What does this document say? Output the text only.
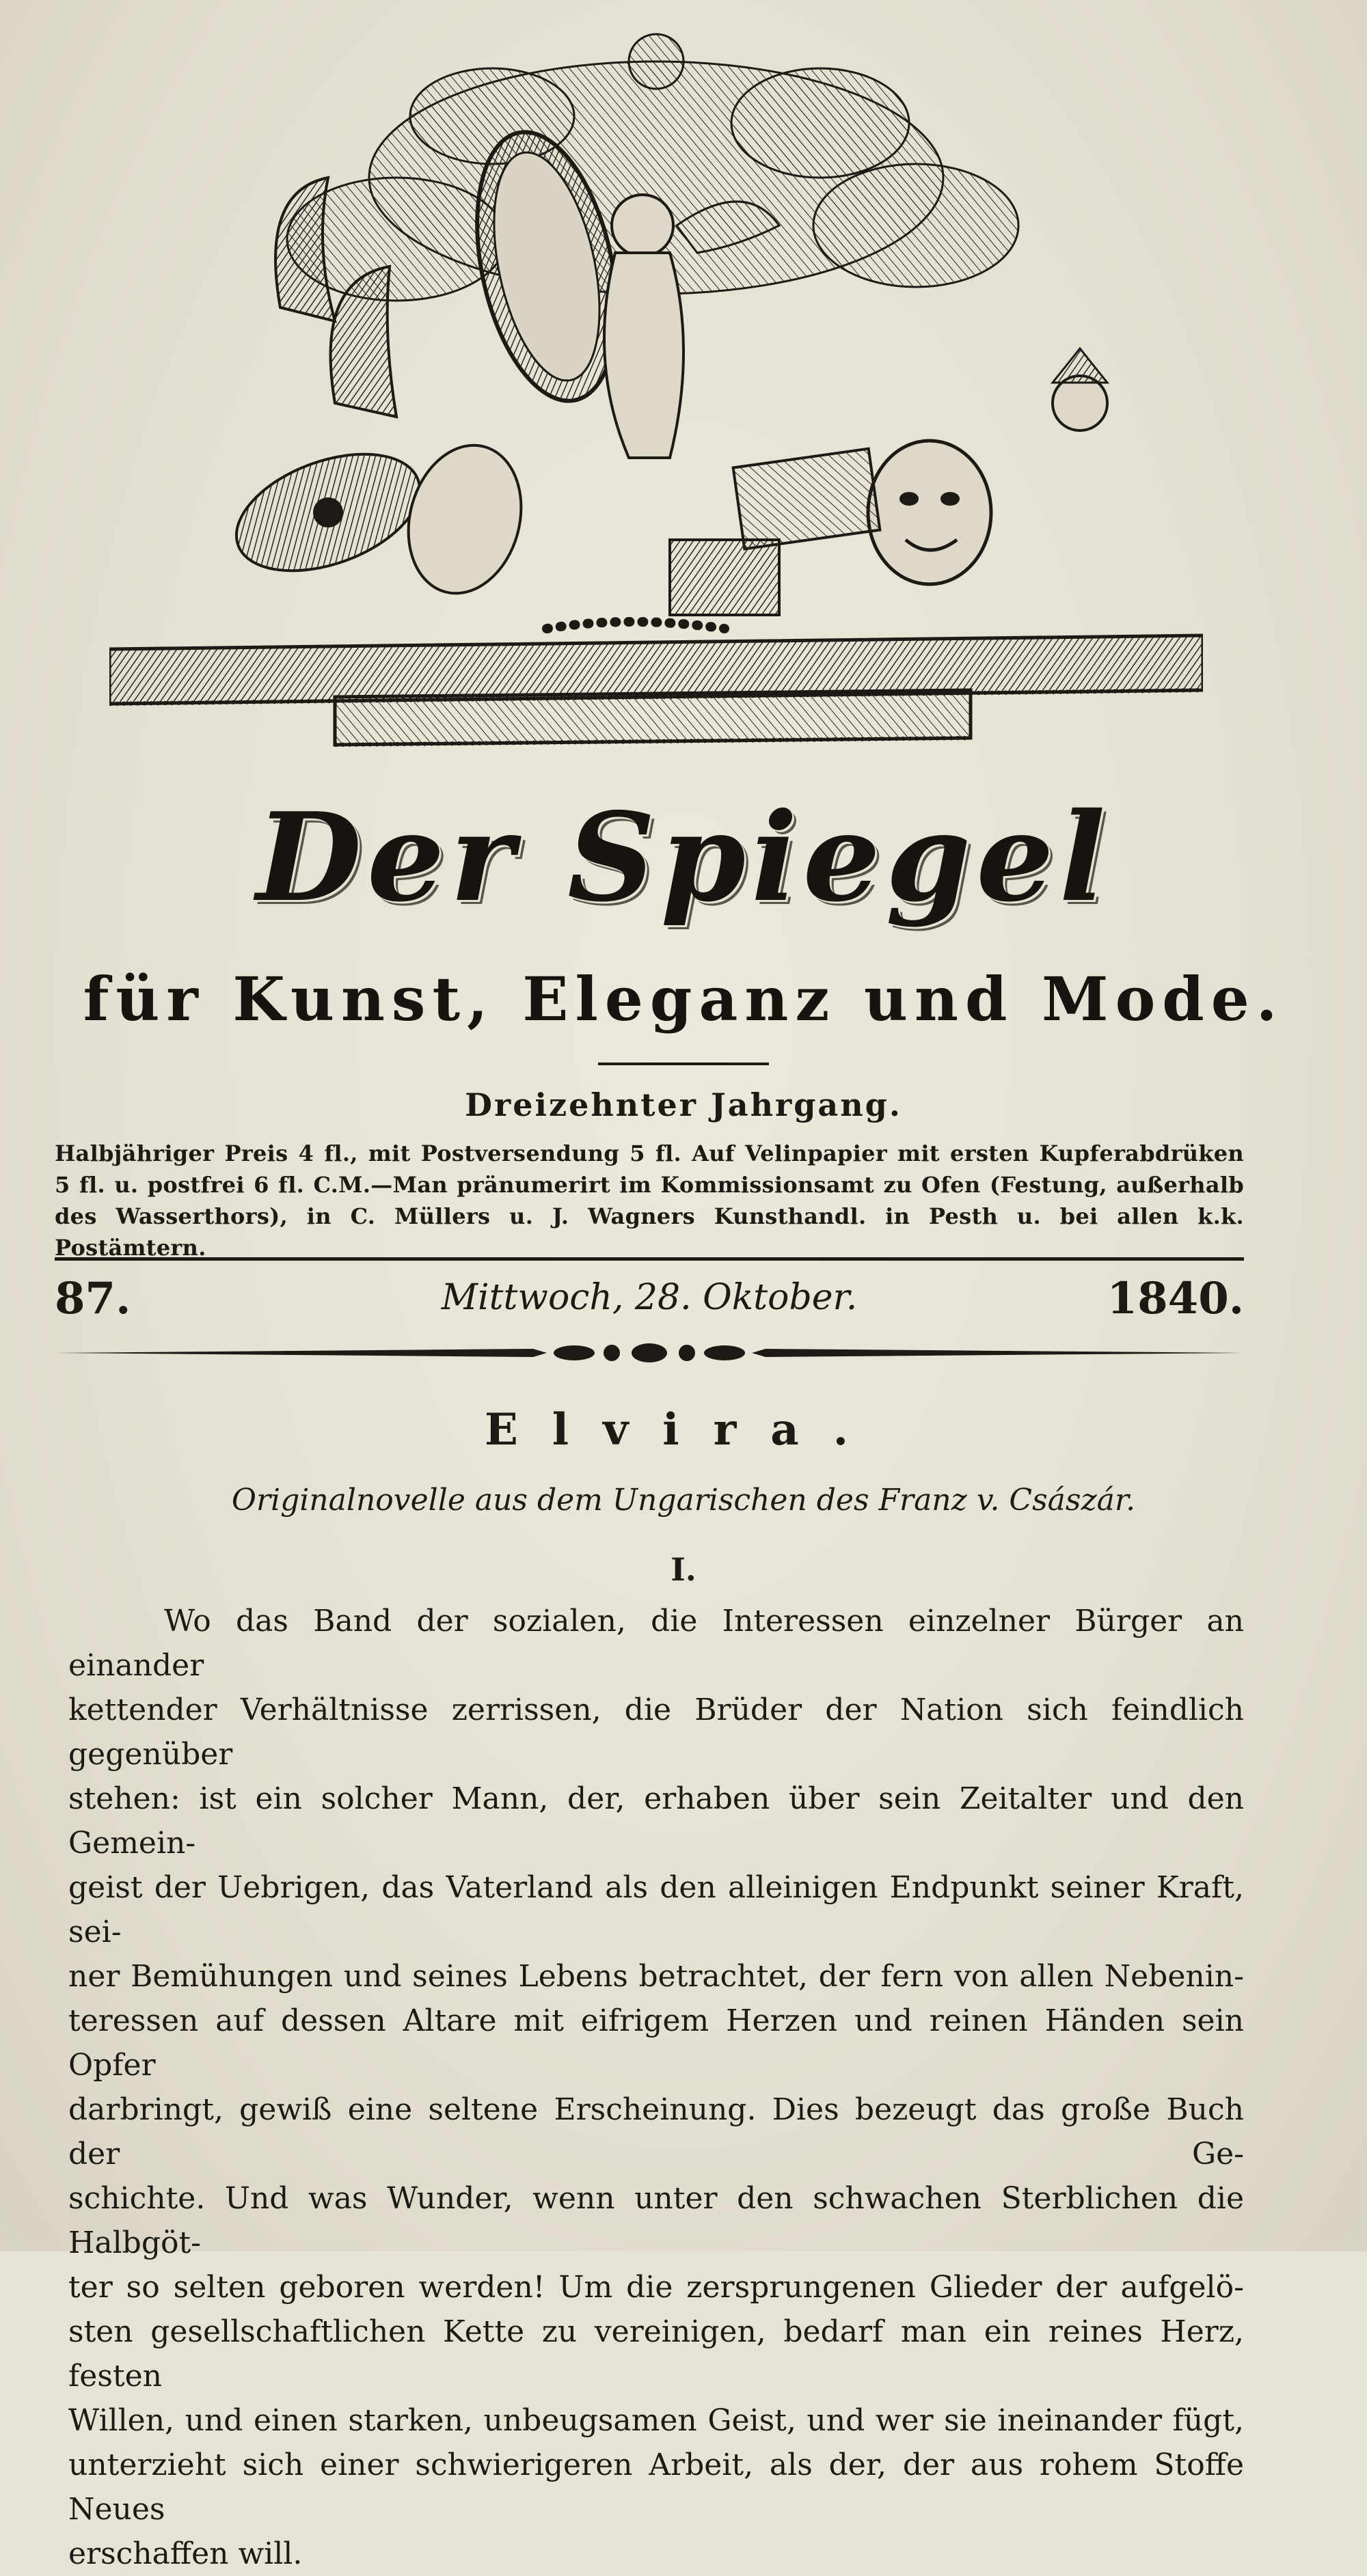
Der Spiegel
für Kunst, Eleganz und Mode.
Dreizehnter Jahrgang.
Halbjähriger Preis 4 fl., mit Postversendung 5 fl. Auf Velinpapier mit ersten Kupferabdrüken
5 fl. u. postfrei 6 fl. C.M.—Man pränumerirt im Kommissionsamt zu Ofen (Festung, außerhalb
des Wasserthors), in C. Müllers u. J. Wagners Kunsthandl. in Pesth u. bei allen k.k. Postämtern.
Mittwoch, 28. Oktober.
87.	1840.
Elvira.
Originalnovelle aus dem Ungarischen des Franz v. Császár.
I.
Wo das Band der sozialen, die Interessen einzelner Bürger an einander
kettender Verhältnisse zerrissen, die Brüder der Nation sich feindlich gegenüber
stehen: ist ein solcher Mann, der, erhaben über sein Zeitalter und den Gemein-
geist der Uebrigen, das Vaterland als den alleinigen Endpunkt seiner Kraft, sei-
ner Bemühungen und seines Lebens betrachtet, der fern von allen Nebenin-
teressen auf dessen Altare mit eifrigem Herzen und reinen Händen sein Opfer
darbringt, gewiß eine seltene Erscheinung. Dies bezeugt das große Buch der Ge-
schichte. Und was Wunder, wenn unter den schwachen Sterblichen die Halbgöt-
ter so selten geboren werden! Um die zersprungenen Glieder der aufgelö-
sten gesellschaftlichen Kette zu vereinigen, bedarf man ein reines Herz, festen
Willen, und einen starken, unbeugsamen Geist, und wer sie ineinander fügt,
unterzieht sich einer schwierigeren Arbeit, als der, der aus rohem Stoffe Neues
erschaffen will.
